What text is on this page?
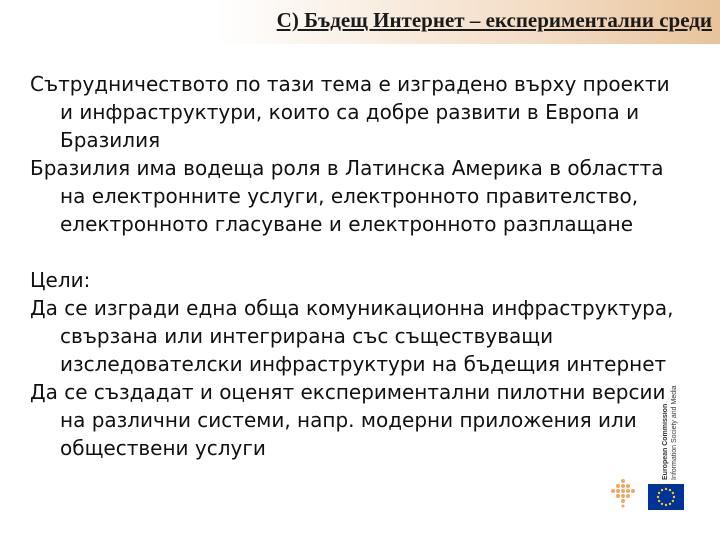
C) Бъдещ Интернет – експериментални среди

Сътрудничеството по тази тема е изградено върху проекти и инфраструктури, които са добре развити в Европа и Бразилия

Бразилия има водеща роля в Латинска Америка в областта на електронните услуги, електронното правителство, електронното гласуване и електронното разплащане

Цели:

Да се изгради една обща комуникационна инфраструктура, свързана или интегрирана със съществуващи изследователски инфраструктури на бъдещия интернет

Да се създадат и оценят експериментални пилотни версии на различни системи, напр. модерни приложения или обществени услуги	European Commission Information Society and Media
